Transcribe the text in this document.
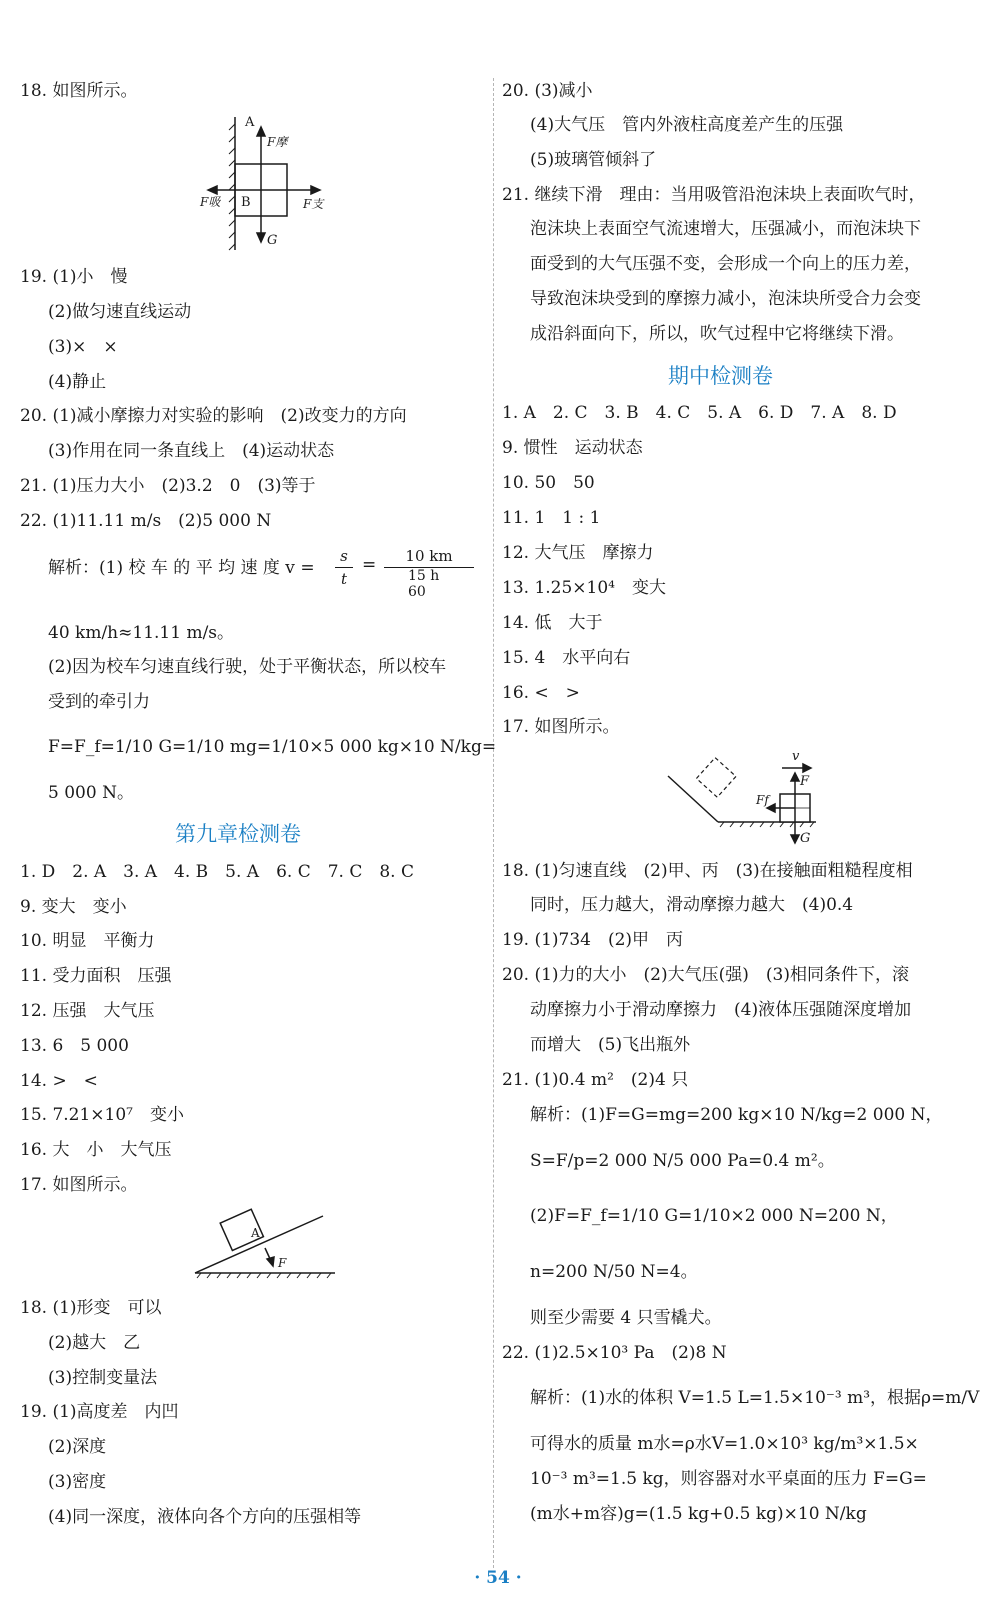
18. 如图所示。
19. (1)小　慢
(2)做匀速直线运动
(3)×　×
(4)静止
20. (1)减小摩擦力对实验的影响　(2)改变力的方向
(3)作用在同一条直线上　(4)运动状态
21. (1)压力大小　(2)3.2　0　(3)等于
22. (1)11.11 m/s　(2)5 000 N
解析：(1) 校 车 的 平 均 速 度 v =
40 km/h≈11.11 m/s。
(2)因为校车匀速直线行驶，处于平衡状态，所以校车
受到的牵引力
F=F_f=1/10 G=1/10 mg=1/10×5 000 kg×10 N/kg=
5 000 N。
1. D　2. A　3. A　4. B　5. A　6. C　7. C　8. C
9. 变大　变小
10. 明显　平衡力
11. 受力面积　压强
12. 压强　大气压
13. 6　5 000
14. >　<
15. 7.21×10⁷　变小
16. 大　小　大气压
17. 如图所示。
18. (1)形变　可以
(2)越大　乙
(3)控制变量法
19. (1)高度差　内凹
(2)深度
(3)密度
(4)同一深度，液体向各个方向的压强相等
20. (3)减小
(4)大气压　管内外液柱高度差产生的压强
(5)玻璃管倾斜了
21. 继续下滑　理由：当用吸管沿泡沫块上表面吹气时，
泡沫块上表面空气流速增大，压强减小，而泡沫块下
面受到的大气压强不变，会形成一个向上的压力差，
导致泡沫块受到的摩擦力减小，泡沫块所受合力会变
成沿斜面向下，所以，吹气过程中它将继续下滑。
1. A　2. C　3. B　4. C　5. A　6. D　7. A　8. D
9. 惯性　运动状态
10. 50　50
11. 1　1 : 1
12. 大气压　摩擦力
13. 1.25×10⁴　变大
14. 低　大于
15. 4　水平向右
16. <　>
17. 如图所示。
18. (1)匀速直线　(2)甲、丙　(3)在接触面粗糙程度相
同时，压力越大，滑动摩擦力越大　(4)0.4
19. (1)734　(2)甲　丙
20. (1)力的大小　(2)大气压(强)　(3)相同条件下，滚
动摩擦力小于滑动摩擦力　(4)液体压强随深度增加
而增大　(5)飞出瓶外
21. (1)0.4 m²　(2)4 只
解析：(1)F=G=mg=200 kg×10 N/kg=2 000 N，
S=F/p=2 000 N/5 000 Pa=0.4 m²。
(2)F=F_f=1/10 G=1/10×2 000 N=200 N，
n=200 N/50 N=4。
则至少需要 4 只雪橇犬。
22. (1)2.5×10³ Pa　(2)8 N
解析：(1)水的体积 V=1.5 L=1.5×10⁻³ m³，根据ρ=m/V
可得水的质量 m水=ρ水V=1.0×10³ kg/m³×1.5×
10⁻³ m³=1.5 kg，则容器对水平桌面的压力 F=G=
(m水+m容)g=(1.5 kg+0.5 kg)×10 N/kg
第九章检测卷
期中检测卷
A
B
F摩
F吸	F支
G
s
t
=	10 km
15 h
60
A
F
v
F
Ff
G
· 54 ·
